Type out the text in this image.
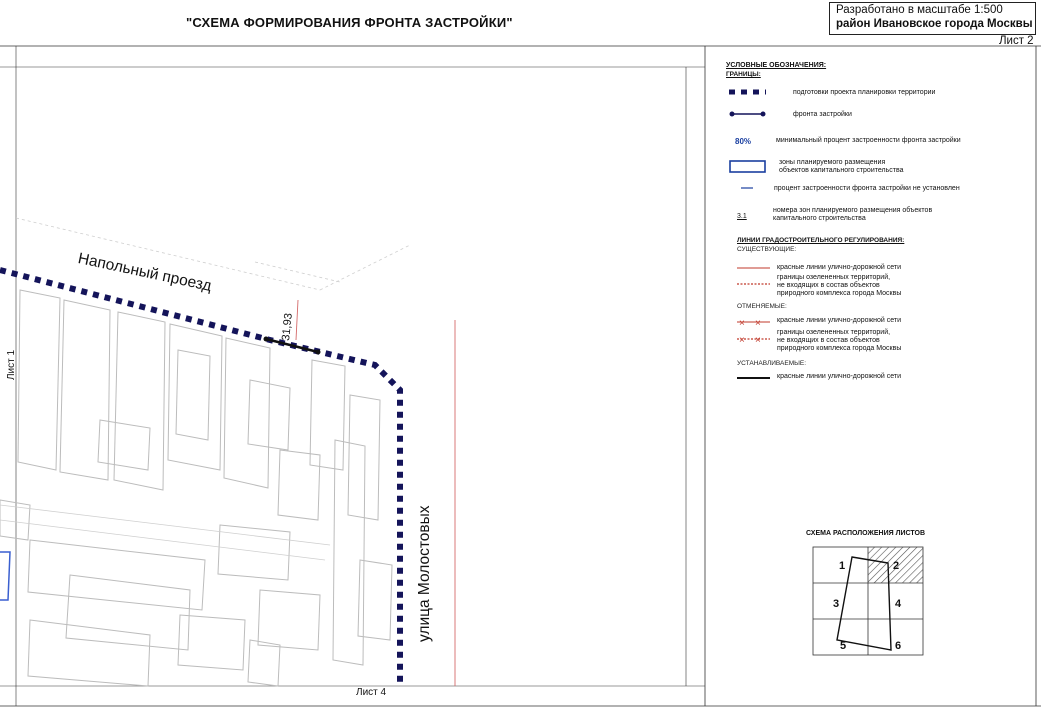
"СХЕМА ФОРМИРОВАНИЯ ФРОНТА ЗАСТРОЙКИ"
Разработано в масштабе 1:500
район Ивановское города Москвы
Лист 2
× ×
× ×
Лист 1
Лист 4
Напольный проезд
улица Молостовых
31,93
УСЛОВНЫЕ ОБОЗНАЧЕНИЯ:
ГРАНИЦЫ:
подготовки проекта планировки территории
фронта застройки
80%	минимальный процент застроенности фронта застройки
зоны планируемого размещения
объектов капитального строительства
процент застроенности фронта застройки не установлен
3.1
номера зон планируемого размещения объектов
капитального строительства
ЛИНИИ ГРАДОСТРОИТЕЛЬНОГО РЕГУЛИРОВАНИЯ:
СУЩЕСТВУЮЩИЕ:
красные линии улично-дорожной сети
границы озелененных территорий,
не входящих в состав объектов
природного комплекса города Москвы
ОТМЕНЯЕМЫЕ:
красные линии улично-дорожной сети
границы озелененных территорий,
не входящих в состав объектов
природного комплекса города Москвы
УСТАНАВЛИВАЕМЫЕ:
красные линии улично-дорожной сети
СХЕМА РАСПОЛОЖЕНИЯ ЛИСТОВ
1	2
3	4
5	6
